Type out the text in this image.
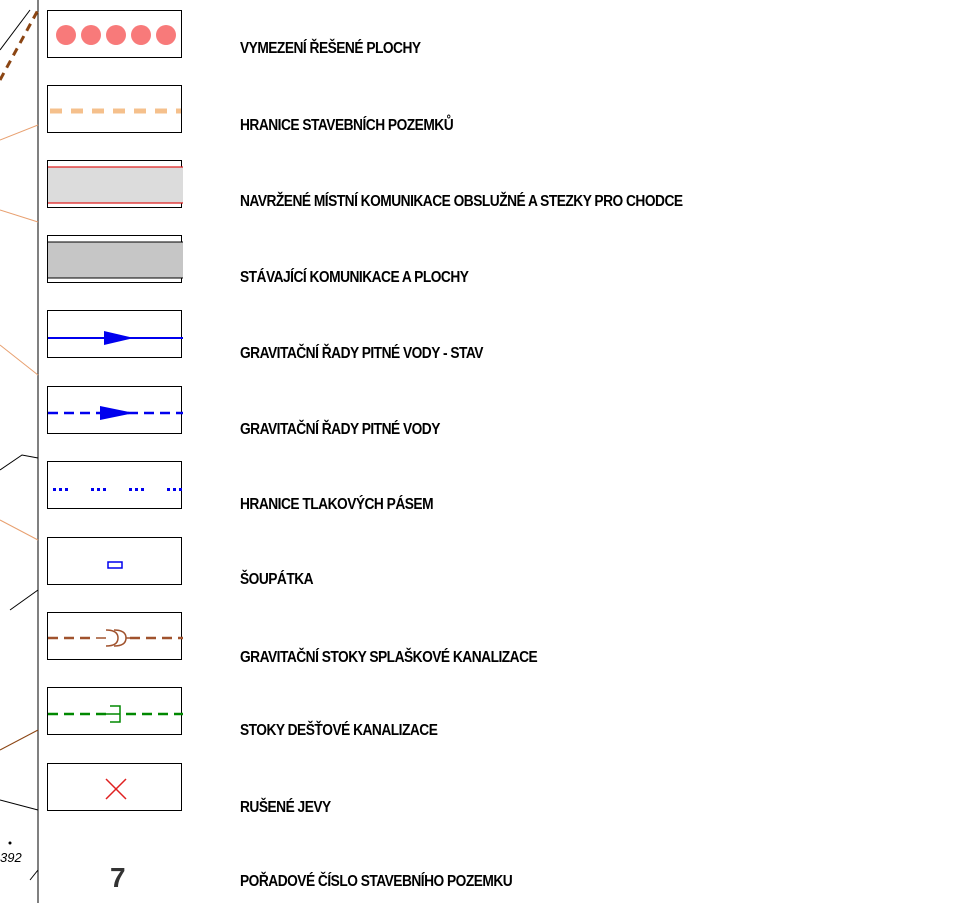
392
VYMEZENÍ ŘEŠENÉ PLOCHY
HRANICE STAVEBNÍCH POZEMKŮ
NAVRŽENÉ MÍSTNÍ KOMUNIKACE OBSLUŽNÉ A STEZKY PRO CHODCE
STÁVAJÍCÍ KOMUNIKACE A PLOCHY
GRAVITAČNÍ ŘADY PITNÉ VODY - STAV
GRAVITAČNÍ ŘADY PITNÉ VODY
HRANICE TLAKOVÝCH PÁSEM
ŠOUPÁTKA
GRAVITAČNÍ STOKY SPLAŠKOVÉ KANALIZACE
STOKY DEŠŤOVÉ KANALIZACE
RUŠENÉ JEVY
7	POŘADOVÉ ČÍSLO STAVEBNÍHO POZEMKU
